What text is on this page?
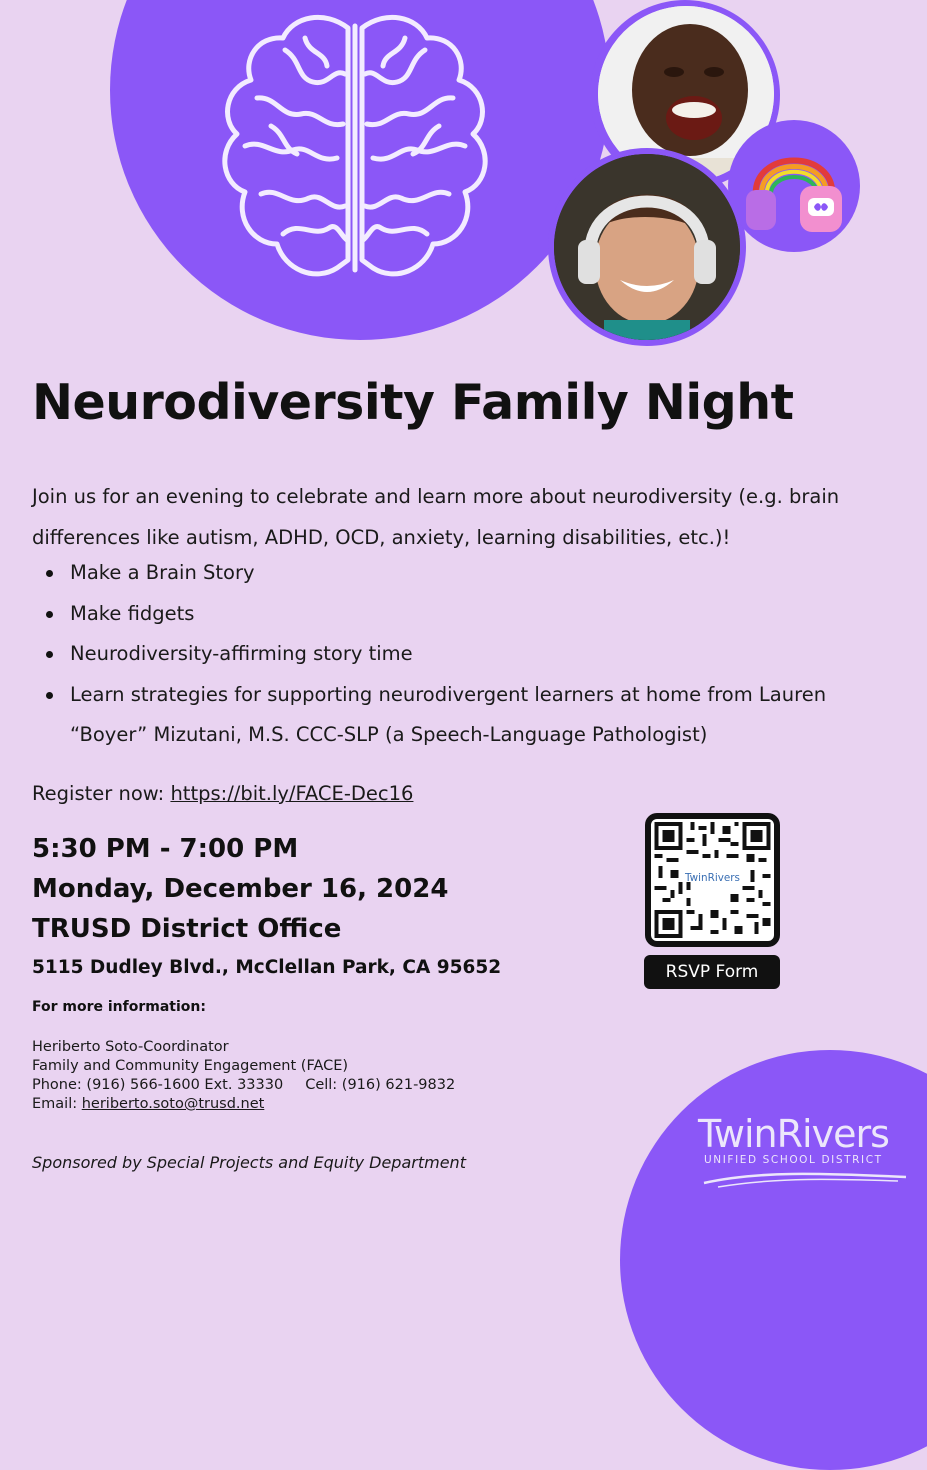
Neurodiversity Family Night

Join us for an evening to celebrate and learn more about neurodiversity (e.g. brain differences like autism, ADHD, OCD, anxiety, learning disabilities, etc.)!

Make a Brain Story
Make fidgets
Neurodiversity-affirming story time
Learn strategies for supporting neurodivergent learners at home from Lauren “Boyer” Mizutani, M.S. CCC-SLP (a Speech-Language Pathologist)
Register now: https://bit.ly/FACE-Dec16
5:30 PM - 7:00 PM
Monday, December 16, 2024
TRUSD District Office
5115 Dudley Blvd., McClellan Park, CA 95652
For more information:
Heriberto Soto-Coordinator
Family and Community Engagement (FACE)
Phone: (916) 566-1600 Ext. 33330 Cell: (916) 621-9832
Email: heriberto.soto@trusd.net
Sponsored by Special Projects and Equity Department
TwinRivers
RSVP Form
TwinRivers
UNIFIED SCHOOL DISTRICT
